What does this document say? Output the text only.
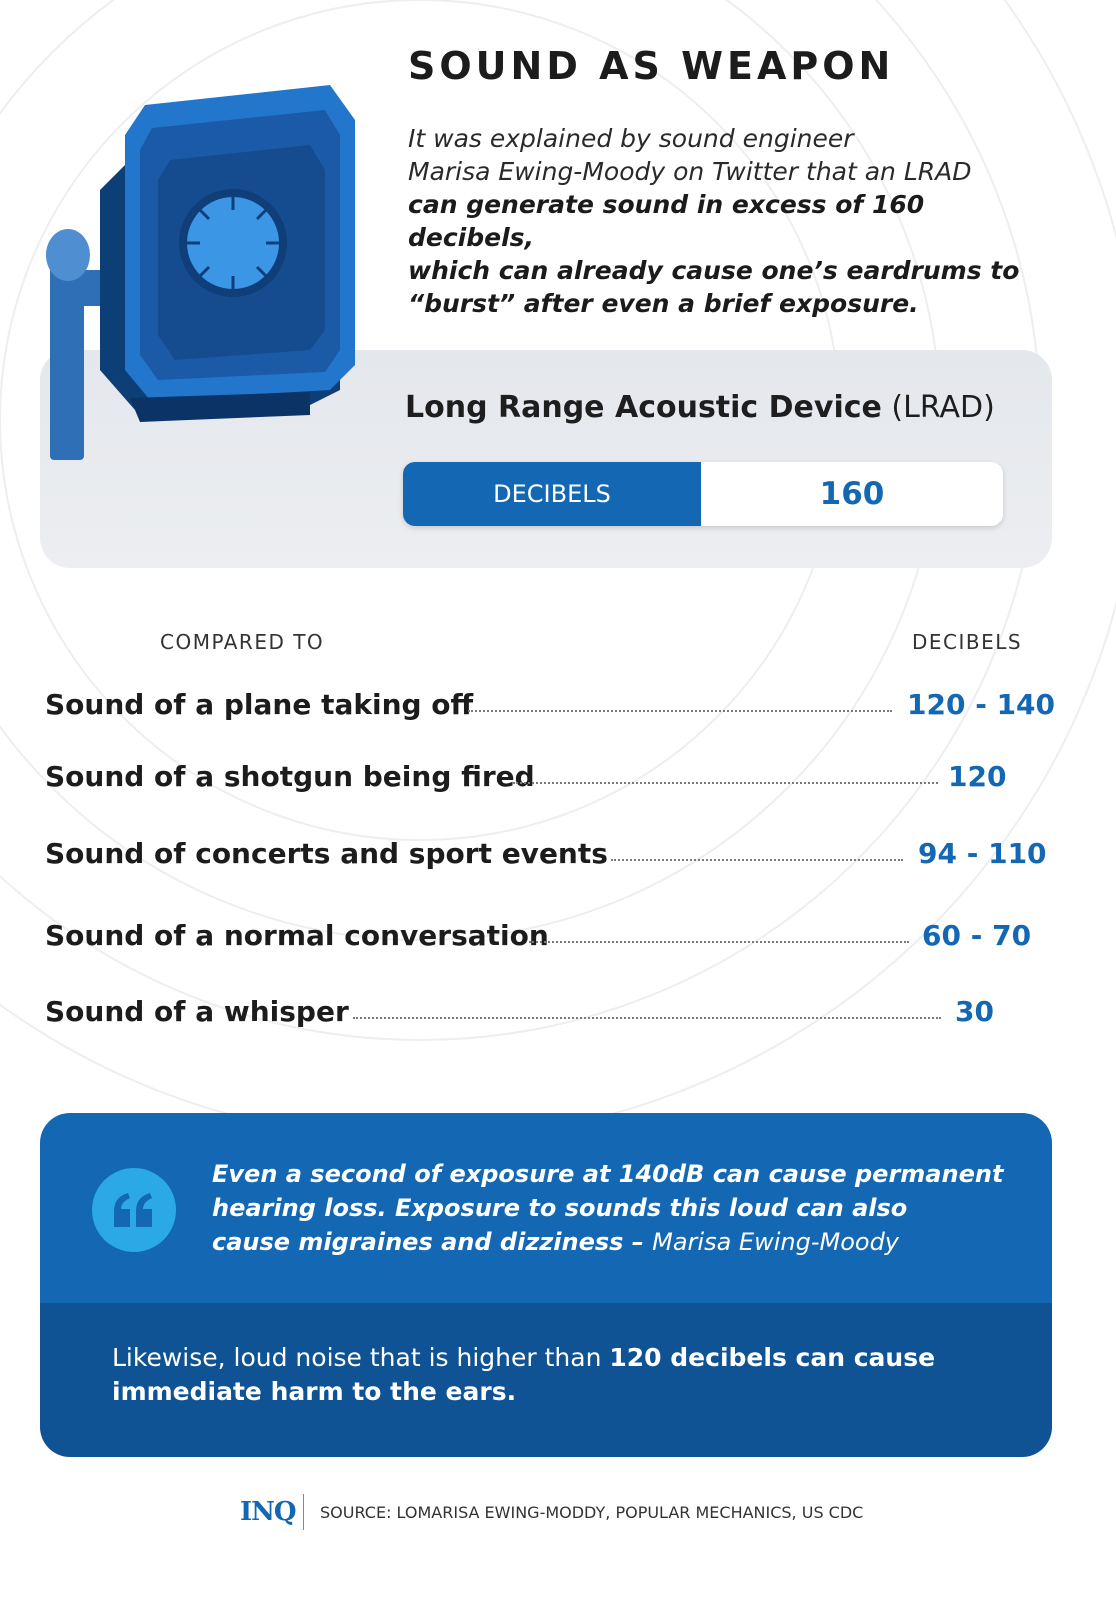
SOUND AS WEAPON
It was explained by sound engineer
Marisa Ewing-Moody on Twitter that an LRAD
can generate sound in excess of 160 decibels,
which can already cause one’s eardrums to
“burst” after even a brief exposure.
Long Range Acoustic Device (LRAD)
DECIBELS	160
COMPARED TO	DECIBELS
Sound of a plane taking off	120 - 140
Sound of a shotgun being fired	120
Sound of concerts and sport events	94 - 110
Sound of a normal conversation	60 - 70
Sound of a whisper	30
Even a second of exposure at 140dB can cause permanent
hearing loss. Exposure to sounds this loud can also
cause migraines and dizziness – Marisa Ewing-Moody
Likewise, loud noise that is higher than 120 decibels can cause
immediate harm to the ears.
INQ SOURCE: LOMARISA EWING-MODDY, POPULAR MECHANICS, US CDC
